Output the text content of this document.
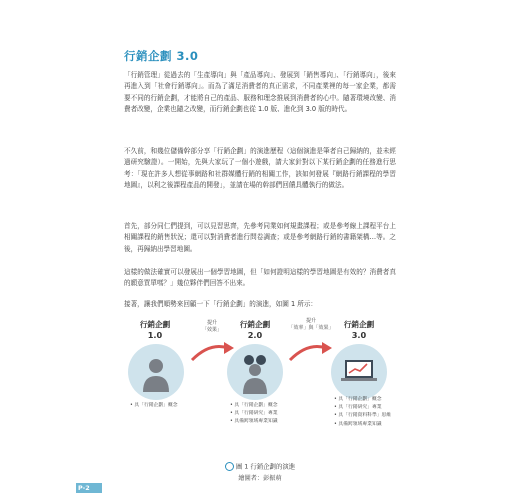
行銷企劃 3.0

「行銷管理」從過去的「生產導向」與「產品導向」、發展到「銷售導向」、「行銷導向」，後來再進入到「社會行銷導向」。而為了滿足消費者的真正需求，不同產業裡的每一家企業，都需要不同的行銷企劃，才能將自己的產品、服務和理念推展到消費者的心中。隨著環境改變、消費者改變，企業也隨之改變，而行銷企劃也從 1.0 版、進化到 3.0 版的時代。

不久前，和幾位儲備幹部分享「行銷企劃」的演進歷程（這個演進是筆者自己歸納的，並未經過研究驗證）。一開始，先與大家玩了一個小遊戲，請大家針對以下某行銷企劃的任務進行思考：「現在許多人想從事網路和社群媒體行銷的相關工作，該如何發展『網路行銷課程的學習地圖』，以利之後課程產品的開發」，並請在場的幹部們回饋具體執行的做法。

首先，部分同仁們提到，可以見習思齊，先參考同業如何規畫課程；或是參考線上課程平台上相關課程的銷售狀況；還可以對消費者進行問卷調查；或是參考網路行銷的書籍架構…等。之後，再歸納出學習地圖。

這樣的做法確實可以發展出一個學習地圖，但「如何證明這樣的學習地圖是有效的？消費者真的願意買單嗎？」幾位夥伴們回答不出來。

接著，讓我們順勢來回顧一下「行銷企劃」的演進，如圖 1 所示：

行銷企劃
1.0
• 具「行銷企劃」概念
提升
「效果」
行銷企劃
2.0
• 具「行銷企劃」概念
• 具「行銷研究」專業
• 具備跨領域專業知識
提升
「效率」與「效果」	行銷企劃
3.0
• 具「行銷企劃」概念
• 具「行銷研究」專業
• 具「行銷資料科學」思維
• 具備跨領域專業知識
圖 1 行銷企劃的演進
繪圖者：彭振萌
P-2
